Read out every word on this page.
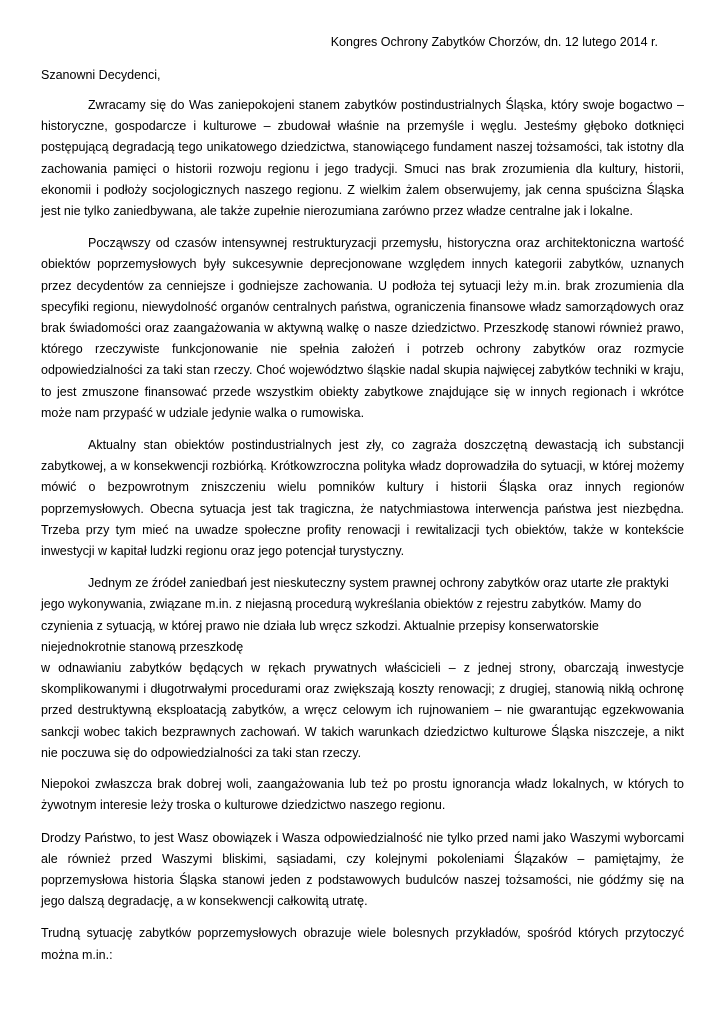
Kongres Ochrony Zabytków Chorzów, dn. 12 lutego 2014 r.
Szanowni Decydenci,

Zwracamy się do Was zaniepokojeni stanem zabytków postindustrialnych Śląska, który swoje bogactwo – historyczne, gospodarcze i kulturowe – zbudował właśnie na przemyśle i węglu. Jesteśmy głęboko dotknięci postępującą degradacją tego unikatowego dziedzictwa, stanowiącego fundament naszej tożsamości, tak istotny dla zachowania pamięci o historii rozwoju regionu i jego tradycji. Smuci nas brak zrozumienia dla kultury, historii, ekonomii i podłoży socjologicznych naszego regionu. Z wielkim żalem obserwujemy, jak cenna spuścizna Śląska jest nie tylko zaniedbywana, ale także zupełnie nierozumiana zarówno przez władze centralne jak i lokalne.

Począwszy od czasów intensywnej restrukturyzacji przemysłu, historyczna oraz architektoniczna wartość obiektów poprzemysłowych były sukcesywnie deprecjonowane względem innych kategorii zabytków, uznanych przez decydentów za cenniejsze i godniejsze zachowania. U podłoża tej sytuacji leży m.in. brak zrozumienia dla specyfiki regionu, niewydolność organów centralnych państwa, ograniczenia finansowe władz samorządowych oraz brak świadomości oraz zaangażowania w aktywną walkę o nasze dziedzictwo. Przeszkodę stanowi również prawo, którego rzeczywiste funkcjonowanie nie spełnia założeń i potrzeb ochrony zabytków oraz rozmycie odpowiedzialności za taki stan rzeczy. Choć województwo śląskie nadal skupia najwięcej zabytków techniki w kraju, to jest zmuszone finansować przede wszystkim obiekty zabytkowe znajdujące się w innych regionach i wkrótce może nam przypaść w udziale jedynie walka o rumowiska.

Aktualny stan obiektów postindustrialnych jest zły, co zagraża doszczętną dewastacją ich substancji zabytkowej, a w konsekwencji rozbiórką. Krótkowzroczna polityka władz doprowadziła do sytuacji, w której możemy mówić o bezpowrotnym zniszczeniu wielu pomników kultury i historii Śląska oraz innych regionów poprzemysłowych. Obecna sytuacja jest tak tragiczna, że natychmiastowa interwencja państwa jest niezbędna. Trzeba przy tym mieć na uwadze społeczne profity renowacji i rewitalizacji tych obiektów, także w kontekście inwestycji w kapitał ludzki regionu oraz jego potencjał turystyczny.

Jednym ze źródeł zaniedbań jest nieskuteczny system prawnej ochrony zabytków oraz utarte złe praktyki jego wykonywania, związane m.in. z niejasną procedurą wykreślania obiektów z rejestru zabytków. Mamy do czynienia z sytuacją, w której prawo nie działa lub wręcz szkodzi. Aktualnie przepisy konserwatorskie niejednokrotnie stanową przeszkodę

w odnawianiu zabytków będących w rękach prywatnych właścicieli – z jednej strony, obarczają inwestycje skomplikowanymi i długotrwałymi procedurami oraz zwiększają koszty renowacji; z drugiej, stanowią nikłą ochronę przed destruktywną eksploatacją zabytków, a wręcz celowym ich rujnowaniem – nie gwarantując egzekwowania sankcji wobec takich bezprawnych zachowań. W takich warunkach dziedzictwo kulturowe Śląska niszczeje, a nikt nie poczuwa się do odpowiedzialności za taki stan rzeczy.

Niepokoi zwłaszcza brak dobrej woli, zaangażowania lub też po prostu ignorancja władz lokalnych, w których to żywotnym interesie leży troska o kulturowe dziedzictwo naszego regionu.

Drodzy Państwo, to jest Wasz obowiązek i Wasza odpowiedzialność nie tylko przed nami jako Waszymi wyborcami ale również przed Waszymi bliskimi, sąsiadami, czy kolejnymi pokoleniami Ślązaków – pamiętajmy, że poprzemysłowa historia Śląska stanowi jeden z podstawowych budulców naszej tożsamości, nie gódźmy się na jego dalszą degradację, a w konsekwencji całkowitą utratę.

Trudną sytuację zabytków poprzemysłowych obrazuje wiele bolesnych przykładów, spośród których przytoczyć można m.in.:
